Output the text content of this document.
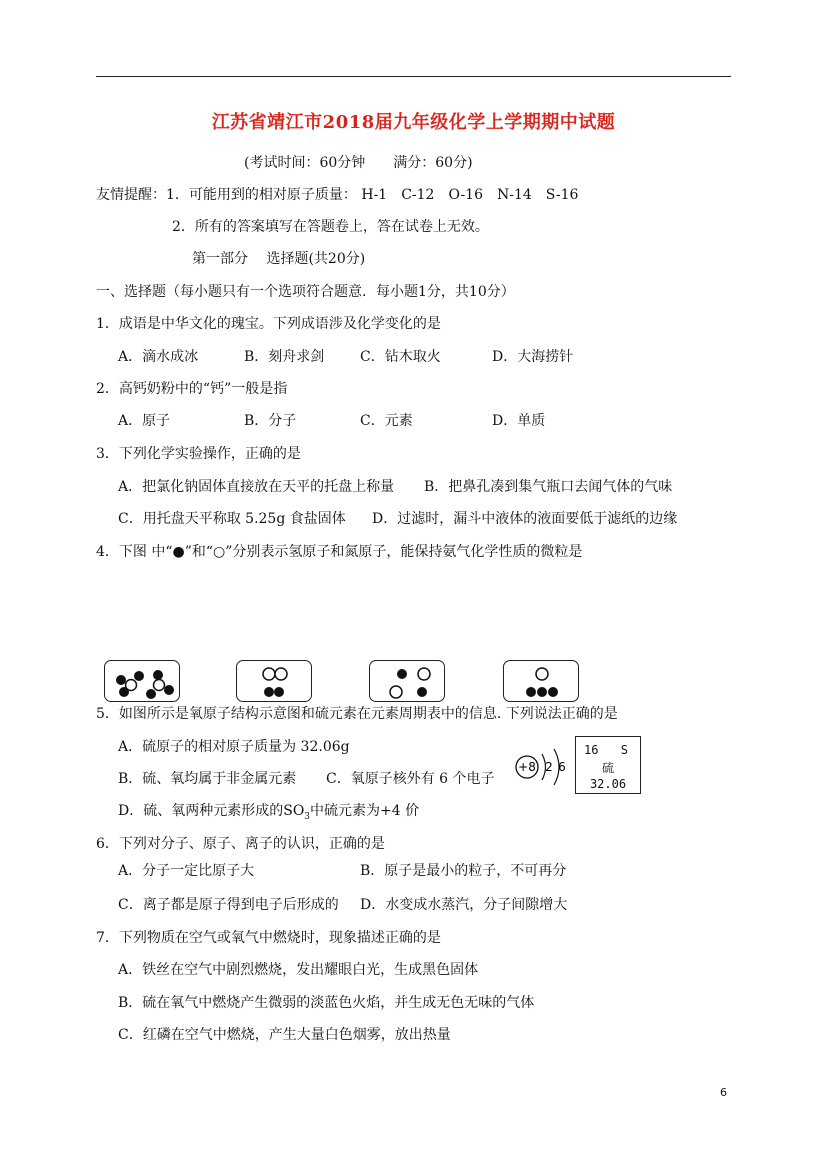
江苏省靖江市2018届九年级化学上学期期中试题
(考试时间：60分钟　　满分：60分)
友情提醒：1．可能用到的相对原子质量： H-1　C-12　O-16　N-14　S-16
2．所有的答案填写在答题卷上，答在试卷上无效。
第一部分　 选择题(共20分)
一、选择题（每小题只有一个选项符合题意．每小题1分，共10分）
1．成语是中华文化的瑰宝。下列成语涉及化学变化的是
A．滴水成冰	B．刻舟求剑	C．钻木取火	D．大海捞针
2．高钙奶粉中的“钙”一般是指
A．原子	B．分子	C．元素	D．单质
3．下列化学实验操作，正确的是
A．把氯化钠固体直接放在天平的托盘上称量 B．把鼻孔凑到集气瓶口去闻气体的气味
C．用托盘天平称取 5.25g 食盐固体 D．过滤时，漏斗中液体的液面要低于滤纸的边缘
4．下图 中“●”和“○”分别表示氢原子和氮原子，能保持氨气化学性质的微粒是
5．如图所示是氧原子结构示意图和硫元素在元素周期表中的信息. 下列说法正确的是
A．硫原子的相对原子质量为 32.06g
B．硫、氧均属于非金属元素 C．氧原子核外有 6 个电子
D．硫、氧两种元素形成的$SO_3$中硫元素为+4 价
+8 2 6
16 S
硫
32.06
6．下列对分子、原子、离子的认识，正确的是
A．分子一定比原子大	B．原子是最小的粒子，不可再分
C．离子都是原子得到电子后形成的 D．水变成水蒸汽，分子间隙增大
7．下列物质在空气或氧气中燃烧时，现象描述正确的是
A．铁丝在空气中剧烈燃烧，发出耀眼白光，生成黑色固体
B．硫在氧气中燃烧产生微弱的淡蓝色火焰，并生成无色无味的气体
C．红磷在空气中燃烧，产生大量白色烟雾，放出热量
6
